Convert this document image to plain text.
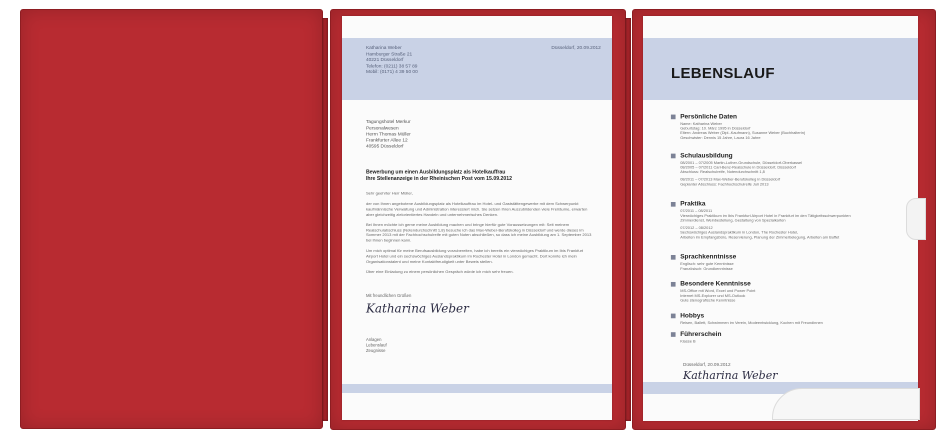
Katharina Weber
Hamburger Straße 21
40221 Düsseldorf
Telefon: (0211) 38 57 89
Mobil: (0171) 4 39 50 00
Düsseldorf, 20.09.2012
Tagungshotel Merkur
Personalwesen
Herrn Thomas Müller
Frankfurter Allee 12
40595 Düsseldorf
Bewerbung um einen Ausbildungsplatz als Hotelkauffrau
Ihre Stellenanzeige in der Rheinischen Post vom 15.09.2012

Sehr geehrter Herr Müller,

der von Ihnen angebotene Ausbildungsplatz als Hotelkauffrau im Hotel- und Gaststättengewerbe mit dem Schwerpunkt kaufmännische Verwaltung und Administration interessiert mich. Sie setzen Ihren Auszubildenden viele Freiräume, erwarten aber gleichzeitig zielorientiertes Handeln und unternehmerisches Denken.

Bei Ihnen möchte ich gerne meine Ausbildung machen und bringe hierfür gute Voraussetzungen mit: Seit meinem Realschulabschluss (Notendurchschnitt 1,8) besuche ich das Max-Weber-Berufskolleg in Düsseldorf und werde dieses im Sommer 2013 mit der Fachhochschulreife mit guten Noten abschließen, so dass ich meine Ausbildung am 1. September 2013 bei Ihnen beginnen kann.

Um mich optimal für meine Berufsausbildung vorzubereiten, habe ich bereits ein vierwöchiges Praktikum im Ibis Frankfurt Airport Hotel und ein sechswöchiges Auslandspraktikum im Rochester Hotel in London gemacht. Dort konnte ich mein Organisationstalent und meine Kontaktfreudigkeit unter Beweis stellen.

Über eine Einladung zu einem persönlichen Gespräch würde ich mich sehr freuen.

Mit freundlichen Grüßen
Katharina Weber
Anlagen
Lebenslauf
Zeugnisse
LEBENSLAUF
Persönliche Daten
Name: Katharina Weber
Geburtstag: 10. März 1995 in Düsseldorf
Eltern: Andreas Weber (Dipl.-Kaufmann), Susanne Weber (Buchhalterin)
Geschwister: Dennis 15 Jahre, Laura 16 Jahre
Schulausbildung
08/2001 – 07/2005 Martin-Luther-Grundschule, Düsseldorf-Oberkassel
08/2005 – 07/2011 Carl-Benz-Realschule in Düsseldorf, Düsseldorf
Abschluss: Realschulreife, Notendurchschnitt 1,8
08/2011 – 07/2013 Max-Weber-Berufskolleg in Düsseldorf
Geplanter Abschluss: Fachhochschulreife Juli 2013
Praktika
07/2011 – 08/2011
Vierwöchiges Praktikum im Ibis Frankfurt Airport Hotel in Frankfurt im den Tätigkeitsschwerpunkten
Zimmerdienst, Weinbestellung, Gestaltung von Spezialkarten
07/2012 – 08/2012
Sechswöchiges Auslandspraktikum in London, The Rochester Hotel,
Arbeiten im Empfangsbüro, Reservierung, Planung der Zimmerbelegung, Arbeiten am Buffet
Sprachkenntnisse
Englisch: sehr gute Kenntnisse
Französisch: Grundkenntnisse
Besondere Kenntnisse
MS-Office mit Word, Excel und Power Point
Internet MS-Explorer und MS-Outlook
Gute stenografische Kenntnisse
Hobbys
Reisen, Ballett, Schwimmen im Verein, Modeentwicklung, Kochen mit Freundinnen
Führerschein
Klasse B
Düsseldorf, 20.09.2012
Katharina Weber
